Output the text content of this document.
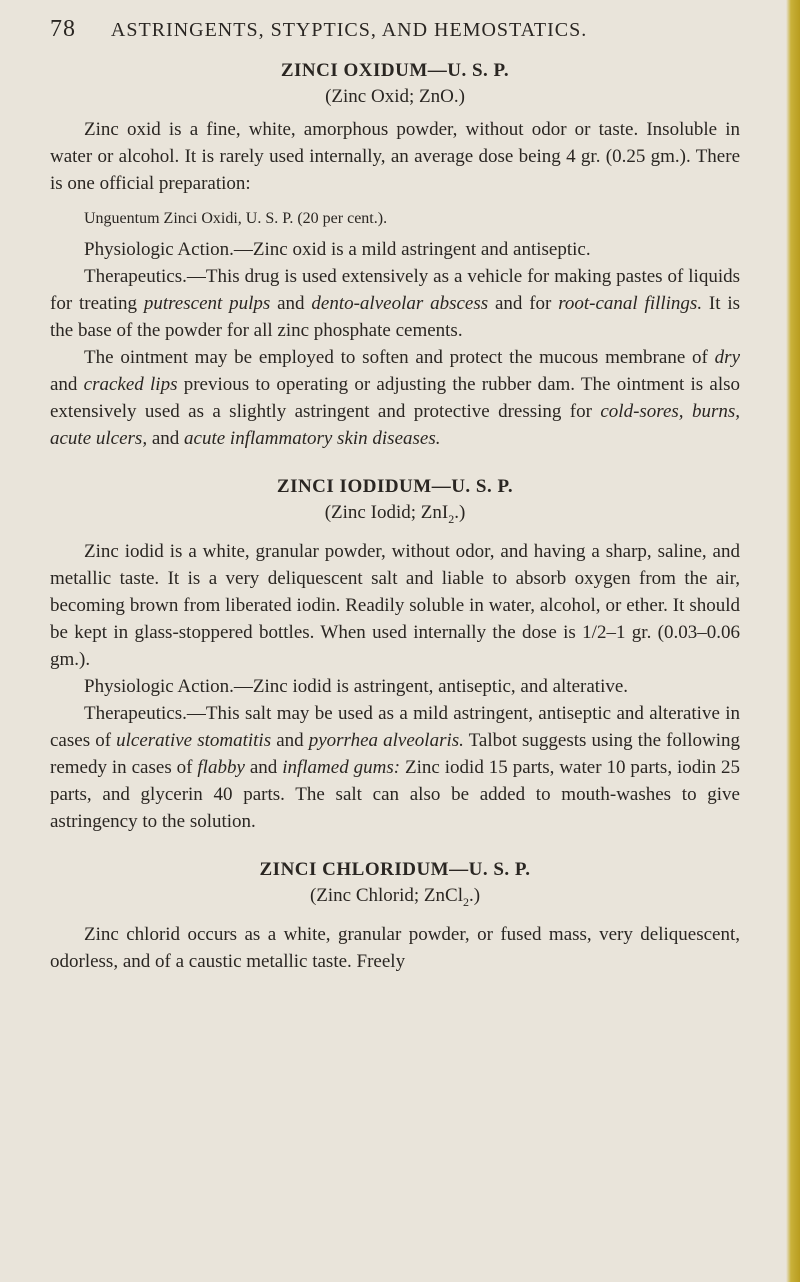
78 ASTRINGENTS, STYPTICS, AND HEMOSTATICS.
ZINCI OXIDUM—U. S. P.
(Zinc Oxid; ZnO.)

Zinc oxid is a fine, white, amorphous powder, without odor or taste. Insoluble in water or alcohol. It is rarely used internally, an average dose being 4 gr. (0.25 gm.). There is one official preparation:

Unguentum Zinci Oxidi, U. S. P. (20 per cent.).

Physiologic Action.—Zinc oxid is a mild astringent and antiseptic.

Therapeutics.—This drug is used extensively as a vehicle for making pastes of liquids for treating putrescent pulps and dento-alveolar abscess and for root-canal fillings. It is the base of the powder for all zinc phosphate cements.

The ointment may be employed to soften and protect the mucous membrane of dry and cracked lips previous to operating or adjusting the rubber dam. The ointment is also extensively used as a slightly astringent and protective dressing for cold-sores, burns, acute ulcers, and acute inflammatory skin diseases.

ZINCI IODIDUM—U. S. P.
(Zinc Iodid; ZnI$_2$.)

Zinc iodid is a white, granular powder, without odor, and having a sharp, saline, and metallic taste. It is a very deliquescent salt and liable to absorb oxygen from the air, becoming brown from liberated iodin. Readily soluble in water, alcohol, or ether. It should be kept in glass-stoppered bottles. When used internally the dose is 1/2–1 gr. (0.03–0.06 gm.).

Physiologic Action.—Zinc iodid is astringent, antiseptic, and alterative.

Therapeutics.—This salt may be used as a mild astringent, antiseptic and alterative in cases of ulcerative stomatitis and pyorrhea alveolaris. Talbot suggests using the following remedy in cases of flabby and inflamed gums: Zinc iodid 15 parts, water 10 parts, iodin 25 parts, and glycerin 40 parts. The salt can also be added to mouth-washes to give astringency to the solution.

ZINCI CHLORIDUM—U. S. P.
(Zinc Chlorid; ZnCl$_2$.)

Zinc chlorid occurs as a white, granular powder, or fused mass, very deliquescent, odorless, and of a caustic metallic taste. Freely
